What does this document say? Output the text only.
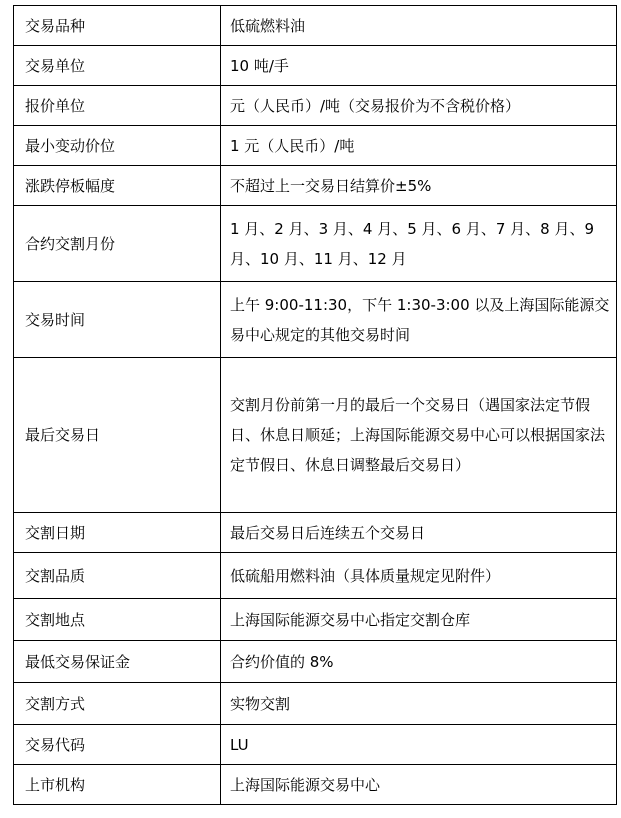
交易品种	低硫燃料油
交易单位	10 吨/手
报价单位	元（人民币）/吨（交易报价为不含税价格）
最小变动价位	1 元（人民币）/吨
涨跌停板幅度	不超过上一交易日结算价±5%
合约交割月份	1 月、2 月、3 月、4 月、5 月、6 月、7 月、8 月、9 月、10 月、11 月、12 月
交易时间	上午 9:00-11:30，下午 1:30-3:00 以及上海国际能源交易中心规定的其他交易时间
最后交易日	交割月份前第一月的最后一个交易日（遇国家法定节假日、休息日顺延；上海国际能源交易中心可以根据国家法定节假日、休息日调整最后交易日）
交割日期	最后交易日后连续五个交易日
交割品质	低硫船用燃料油（具体质量规定见附件）
交割地点	上海国际能源交易中心指定交割仓库
最低交易保证金	合约价值的 8%
交割方式	实物交割
交易代码	LU
上市机构	上海国际能源交易中心
